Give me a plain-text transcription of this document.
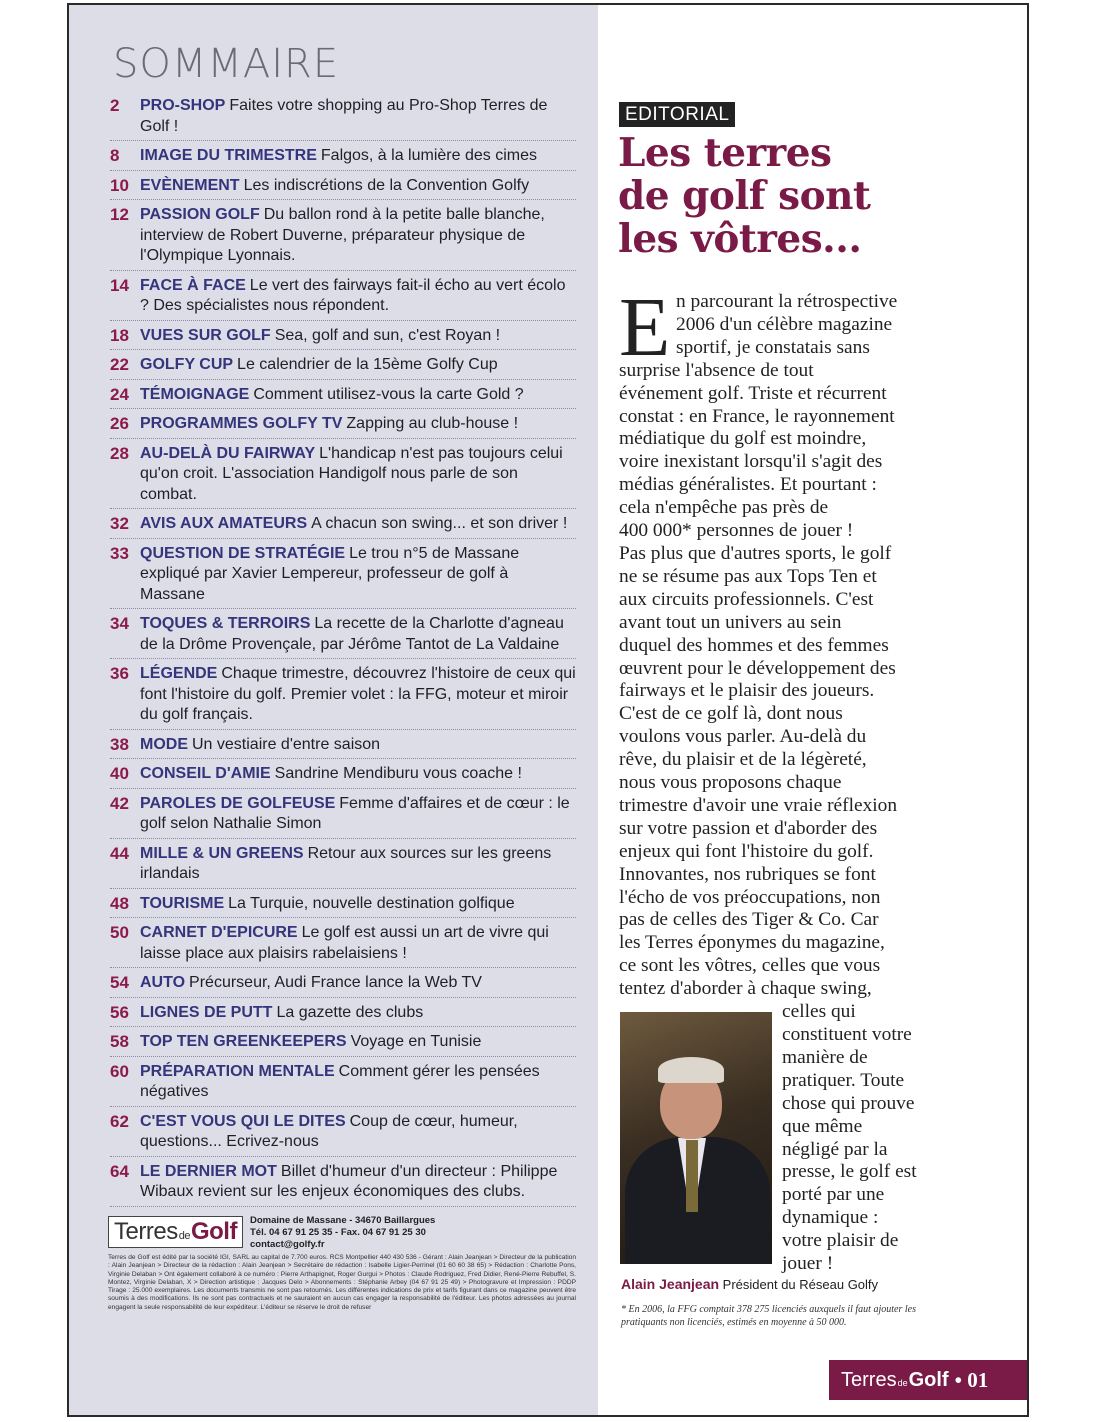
SOMMAIRE
2	PRO-SHOP Faites votre shopping au Pro-Shop Terres de Golf !
8	IMAGE DU TRIMESTRE Falgos, à la lumière des cimes
10 EVÈNEMENT Les indiscrétions de la Convention Golfy
12 PASSION GOLF Du ballon rond à la petite balle blanche, interview de Robert Duverne, préparateur physique de l'Olympique Lyonnais.
14 FACE À FACE Le vert des fairways fait-il écho au vert écolo ? Des spécialistes nous répondent.
18 VUES SUR GOLF Sea, golf and sun, c'est Royan !
22 GOLFY CUP Le calendrier de la 15ème Golfy Cup
24 TÉMOIGNAGE Comment utilisez-vous la carte Gold ?
26 PROGRAMMES GOLFY TV Zapping au club-house !
28 AU-DELÀ DU FAIRWAY L'handicap n'est pas toujours celui qu'on croit. L'association Handigolf nous parle de son combat.
32 AVIS AUX AMATEURS A chacun son swing... et son driver !
33 QUESTION DE STRATÉGIE Le trou n°5 de Massane expliqué par Xavier Lempereur, professeur de golf à Massane
34 TOQUES & TERROIRS La recette de la Charlotte d'agneau de la Drôme Provençale, par Jérôme Tantot de La Valdaine
36 LÉGENDE Chaque trimestre, découvrez l'histoire de ceux qui font l'histoire du golf. Premier volet : la FFG, moteur et miroir du golf français.
38 MODE Un vestiaire d'entre saison
40 CONSEIL D'AMIE Sandrine Mendiburu vous coache !
42 PAROLES DE GOLFEUSE Femme d'affaires et de cœur : le golf selon Nathalie Simon
44 MILLE & UN GREENS Retour aux sources sur les greens irlandais
48 TOURISME La Turquie, nouvelle destination golfique
50 CARNET D'EPICURE Le golf est aussi un art de vivre qui laisse place aux plaisirs rabelaisiens !
54 AUTO Précurseur, Audi France lance la Web TV
56 LIGNES DE PUTT La gazette des clubs
58 TOP TEN GREENKEEPERS Voyage en Tunisie
60 PRÉPARATION MENTALE Comment gérer les pensées négatives
62 C'EST VOUS QUI LE DITES Coup de cœur, humeur, questions... Ecrivez-nous
64 LE DERNIER MOT Billet d'humeur d'un directeur : Philippe Wibaux revient sur les enjeux économiques des clubs.
Terres de Golf Domaine de Massane - 34670 Baillargues
Tél. 04 67 91 25 35 - Fax. 04 67 91 25 30
contact@golfy.fr
Terres de Golf est édité par la société IGI, SARL au capital de 7.700 euros. RCS Montpellier 440 430 536 - Gérant : Alain Jeanjean > Directeur de la publication : Alain Jeanjean > Directeur de la rédaction : Alain Jeanjean > Secrétaire de rédaction : Isabelle Ligier-Perrinel (01 60 60 38 65) > Rédaction : Charlotte Pons, Virginie Delaban > Ont également collaboré à ce numéro : Pierre Arthapignet, Roger Gurgui > Photos : Claude Rodriguez, Fred Didier, René-Pierre Rebuffel, S. Montez, Virginie Delaban, X > Direction artistique : Jacques Delo > Abonnements : Stéphanie Arbey (04 67 91 25 49) > Photogravure et Impression : PDDP Tirage : 25.000 exemplaires. Les documents transmis ne sont pas retournés. Les différentes indications de prix et tarifs figurant dans ce magazine peuvent être soumis à des modifications. Ils ne sont pas contractuels et ne sauraient en aucun cas engager la responsabilité de l'éditeur. Les photos adressées au journal engagent la seule responsabilité de leur expéditeur. L'éditeur se réserve le droit de refuser
EDITORIAL
Les terres
de golf sont
les vôtres...
E n parcourant la rétrospective
2006 d'un célèbre magazine
sportif, je constatais sans
surprise l'absence de tout
événement golf. Triste et récurrent
constat : en France, le rayonnement
médiatique du golf est moindre,
voire inexistant lorsqu'il s'agit des
médias généralistes. Et pourtant :
cela n'empêche pas près de
400 000* personnes de jouer !
Pas plus que d'autres sports, le golf
ne se résume pas aux Tops Ten et
aux circuits professionnels. C'est
avant tout un univers au sein
duquel des hommes et des femmes
œuvrent pour le développement des
fairways et le plaisir des joueurs.
C'est de ce golf là, dont nous
voulons vous parler. Au-delà du
rêve, du plaisir et de la légèreté,
nous vous proposons chaque
trimestre d'avoir une vraie réflexion
sur votre passion et d'aborder des
enjeux qui font l'histoire du golf.
Innovantes, nos rubriques se font
l'écho de vos préoccupations, non
pas de celles des Tiger & Co. Car
les Terres éponymes du magazine,
ce sont les vôtres, celles que vous
tentez d'aborder à chaque swing,
celles qui
constituent votre
manière de
pratiquer. Toute
chose qui prouve
que même
négligé par la
presse, le golf est
porté par une
dynamique :
votre plaisir de
jouer !
Alain Jeanjean Président du Réseau Golfy
* En 2006, la FFG comptait 378 275 licenciés auxquels il faut ajouter les pratiquants non licenciés, estimés en moyenne à 50 000.
Terres de Golf • 01
